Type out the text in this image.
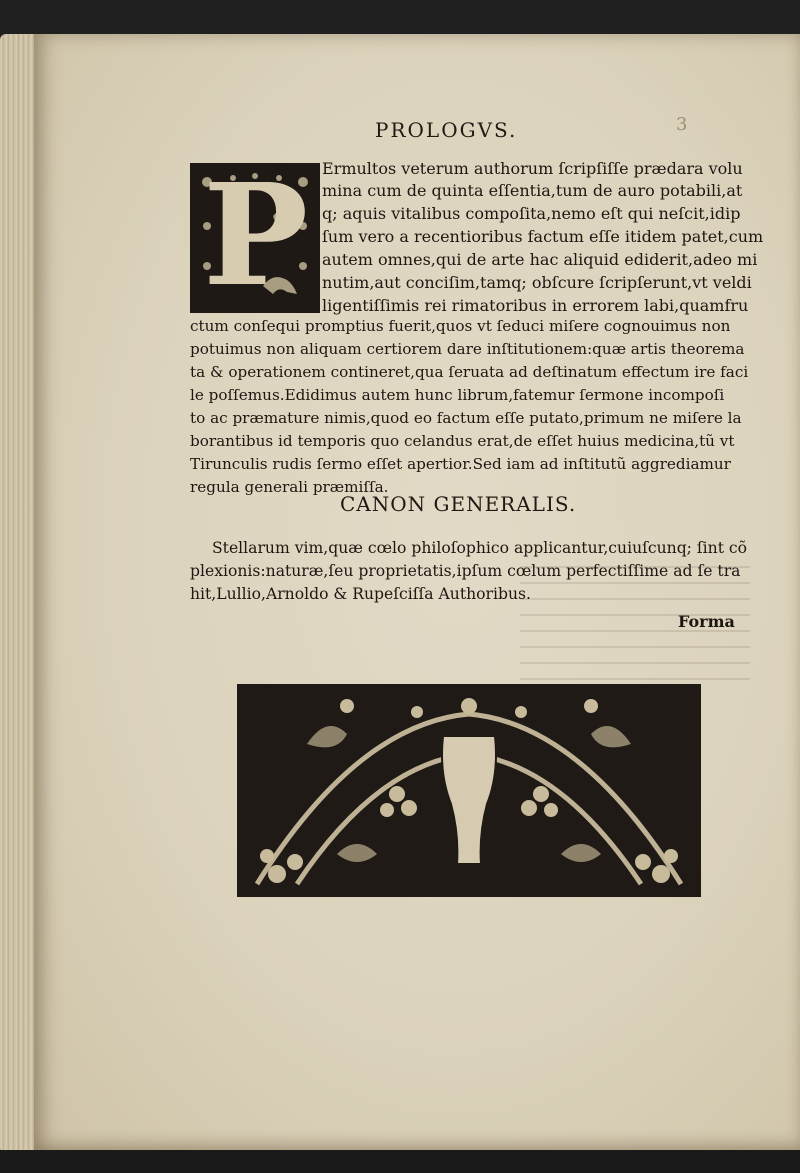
PROLOGVS.	3
P Ermultos veterum authorum ſcripſiſſe prædara volu
mina cum de quinta eſſentia,tum de auro potabili,at
q; aquis vitalibus compoſita,nemo eſt qui neſcit,idip
ſum vero a recentioribus factum eſſe itidem patet,cum
autem omnes,qui de arte hac aliquid ediderit,adeo mi
nutim,aut conciſim,tamq; obſcure ſcripſerunt,vt veldi
ligentiſſimis rei rimatoribus in errorem labi,quamfru
ctum conſequi promptius fuerit,quos vt ſeduci miſere cognouimus non
potuimus non aliquam certiorem dare inſtitutionem:quæ artis theorema
ta & operationem contineret,qua ſeruata ad deſtinatum effectum ire faci
le poſſemus.Edidimus autem hunc librum,fatemur ſermone incompoſi
to ac præmature nimis,quod eo factum eſſe putato,primum ne miſere la
borantibus id temporis quo celandus erat,de eſſet huius medicina,tũ vt
Tirunculis rudis ſermo eſſet apertior.Sed iam ad inſtitutũ aggrediamur
regula generali præmiſſa.
CANON GENERALIS.
Stellarum vim,quæ cœlo philoſophico applicantur,cuiuſcunq; ſint cõ
plexionis:naturæ,ſeu proprietatis,ipſum cœlum perfectiſſime ad ſe tra
hit,Lullio,Arnoldo & Rupeſciſſa Authoribus.
Forma
